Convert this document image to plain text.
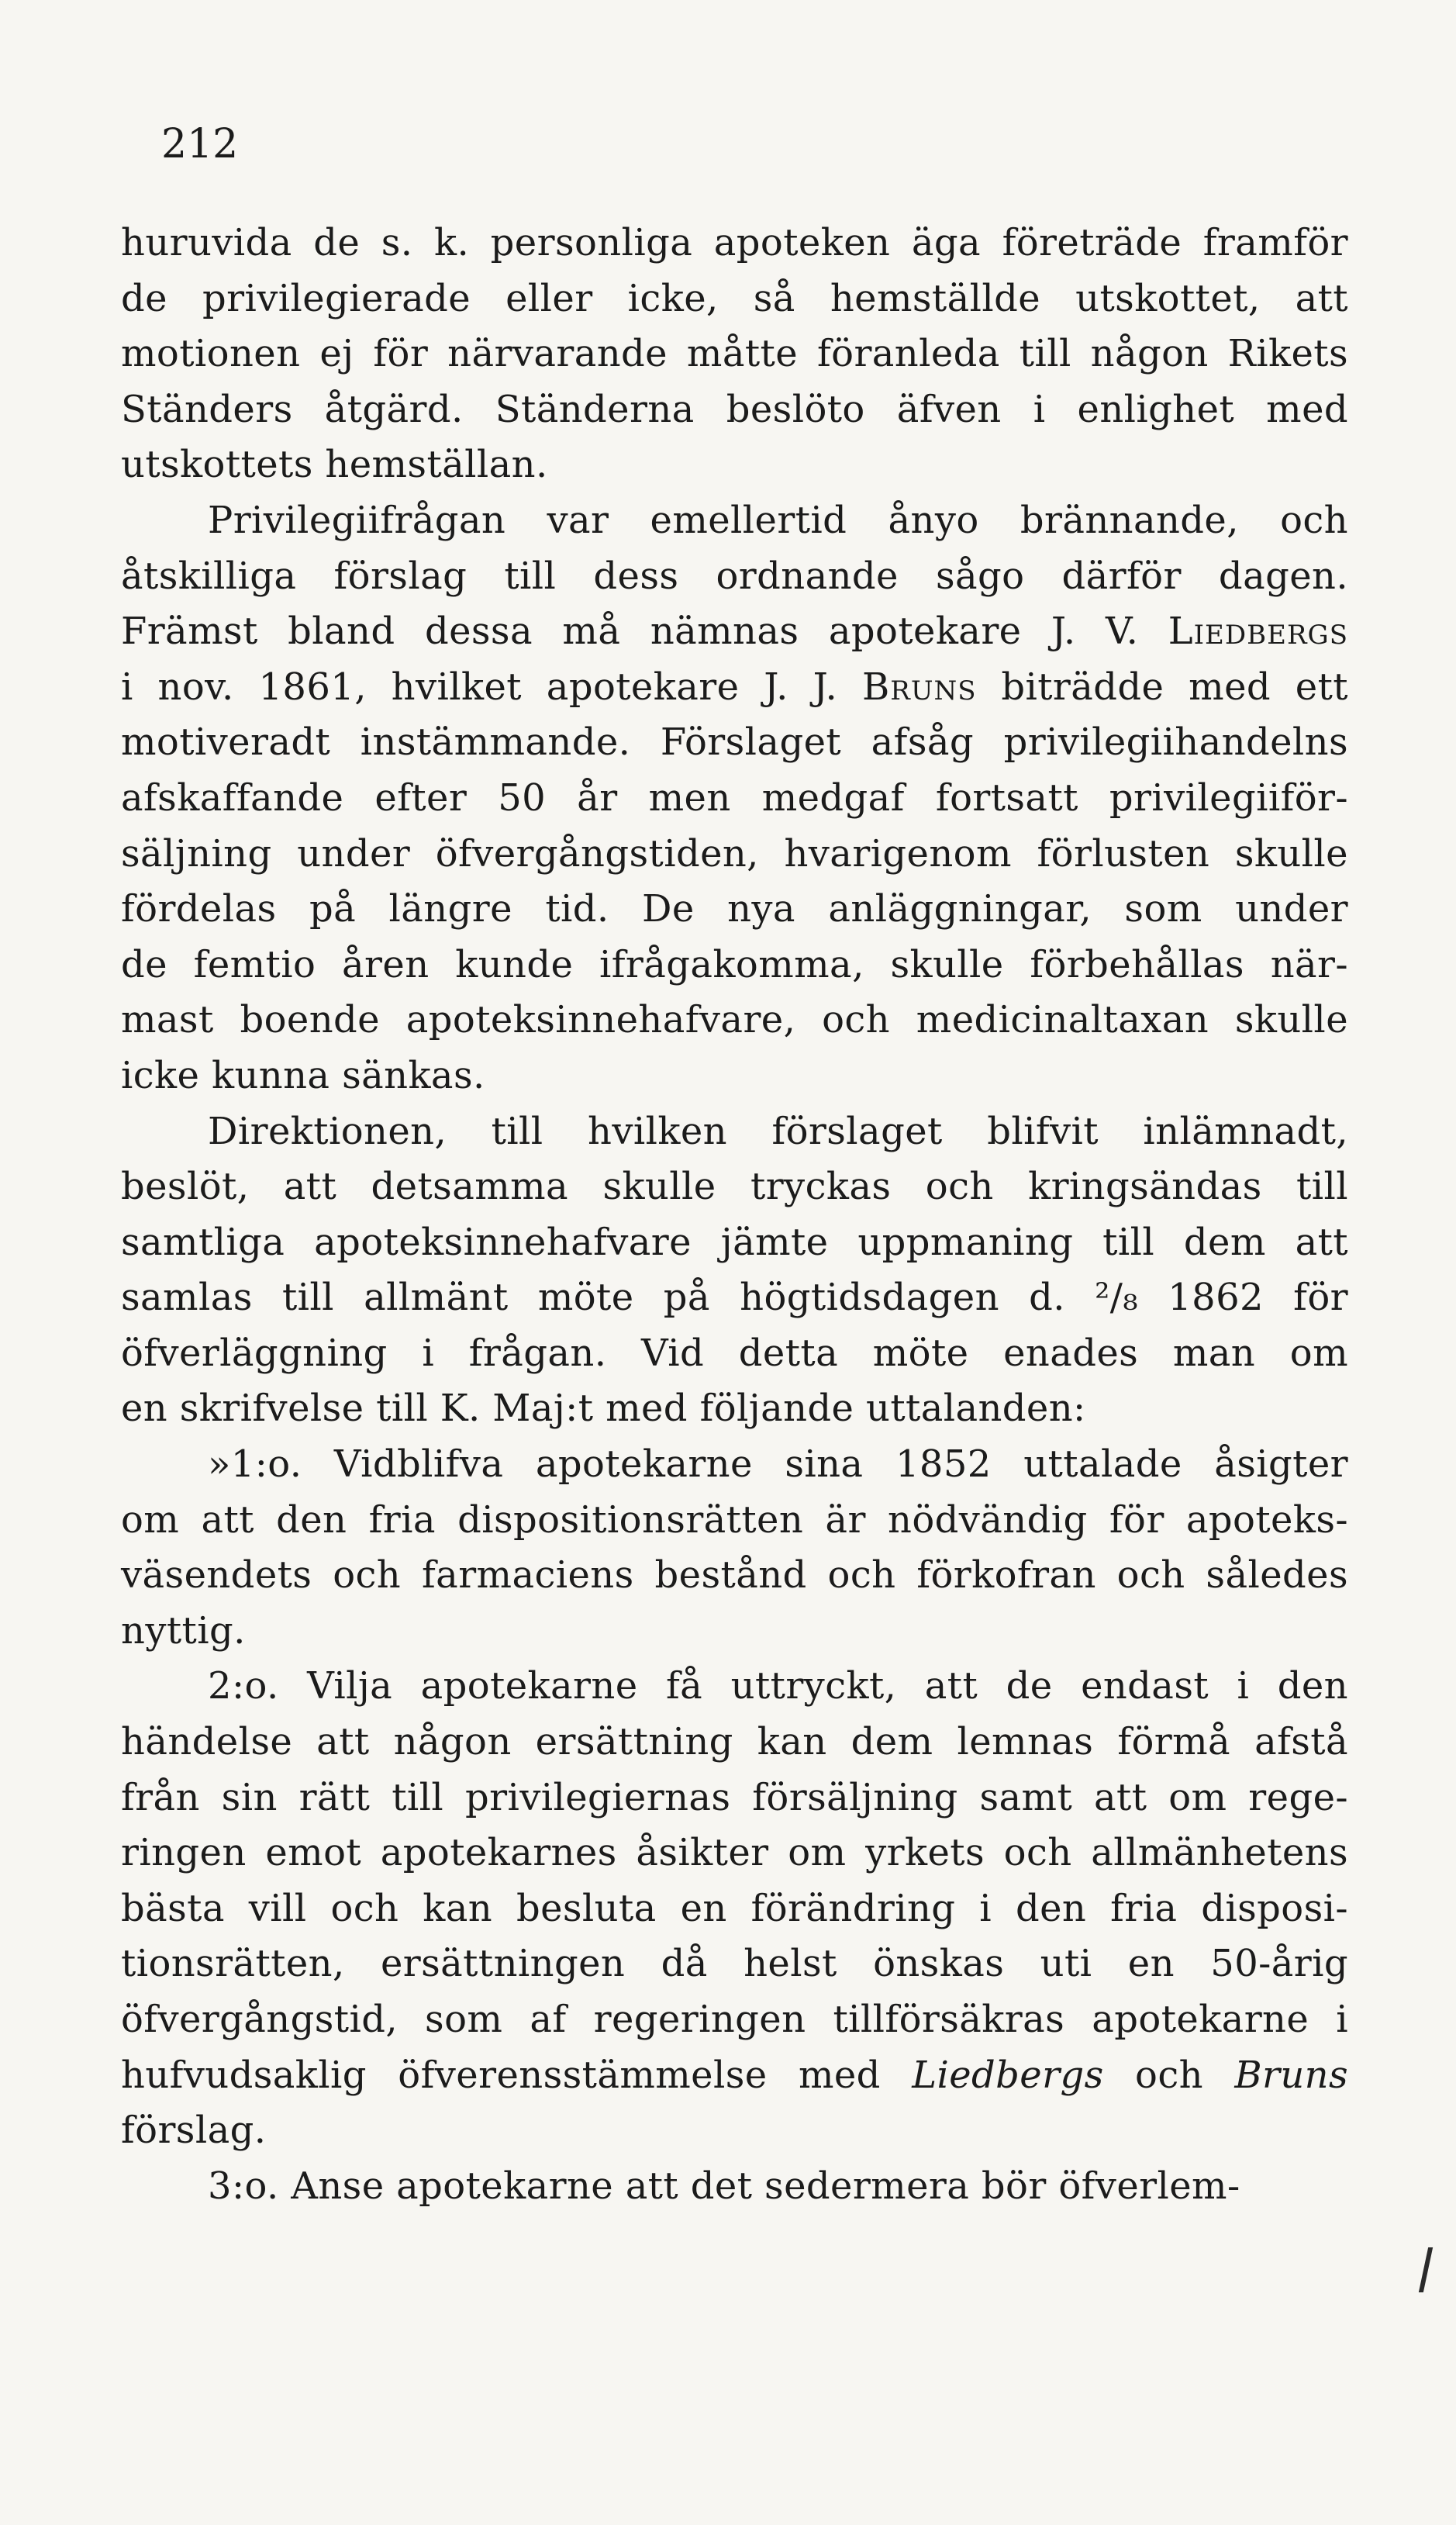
212
huruvida de s. k. personliga apoteken äga företräde framför
de privilegierade eller icke, så hemställde utskottet, att
motionen ej för närvarande måtte föranleda till någon Rikets
Ständers åtgärd. Ständerna beslöto äfven i enlighet med
utskottets hemställan.
Privilegiifrågan var emellertid ånyo brännande, och
åtskilliga förslag till dess ordnande sågo därför dagen.
Främst bland dessa må nämnas apotekare J. V. Liedbergs
i nov. 1861, hvilket apotekare J. J. Bruns biträdde med ett
motiveradt instämmande. Förslaget afsåg privilegiihandelns
afskaffande efter 50 år men medgaf fortsatt privilegiiför-
säljning under öfvergångstiden, hvarigenom förlusten skulle
fördelas på längre tid. De nya anläggningar, som under
de femtio åren kunde ifrågakomma, skulle förbehållas när-
mast boende apoteksinnehafvare, och medicinaltaxan skulle
icke kunna sänkas.
Direktionen, till hvilken förslaget blifvit inlämnadt,
beslöt, att detsamma skulle tryckas och kringsändas till
samtliga apoteksinnehafvare jämte uppmaning till dem att
samlas till allmänt möte på högtidsdagen d. ²/₈ 1862 för
öfverläggning i frågan. Vid detta möte enades man om
en skrifvelse till K. Maj:t med följande uttalanden:
»1:o. Vidblifva apotekarne sina 1852 uttalade åsigter
om att den fria dispositionsrätten är nödvändig för apoteks-
väsendets och farmaciens bestånd och förkofran och således
nyttig.
2:o. Vilja apotekarne få uttryckt, att de endast i den
händelse att någon ersättning kan dem lemnas förmå afstå
från sin rätt till privilegiernas försäljning samt att om rege-
ringen emot apotekarnes åsikter om yrkets och allmänhetens
bästa vill och kan besluta en förändring i den fria disposi-
tionsrätten, ersättningen då helst önskas uti en 50-årig
öfvergångstid, som af regeringen tillförsäkras apotekarne i
hufvudsaklig öfverensstämmelse med Liedbergs och Bruns
förslag.
3:o. Anse apotekarne att det sedermera bör öfverlem-
